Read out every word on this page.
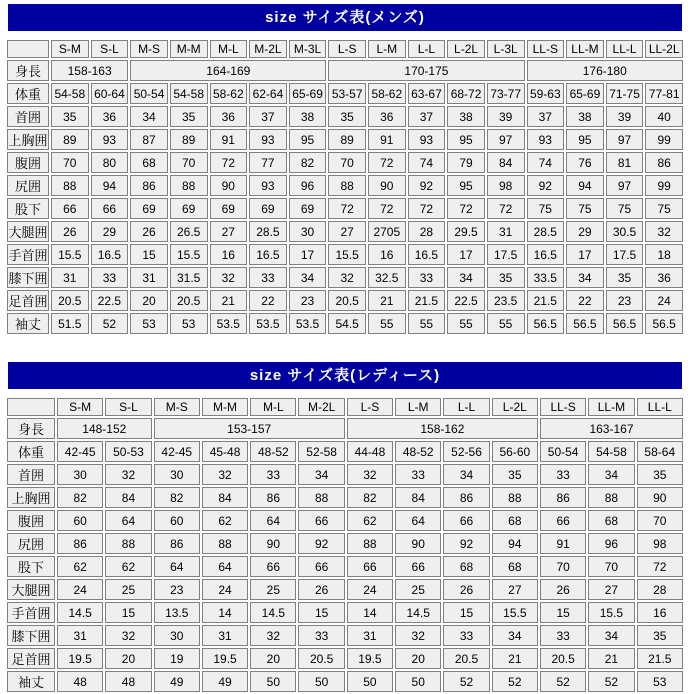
size サイズ表(メンズ)
	S-M	S-L	M-S	M-M	M-L	M-2L	M-3L	L-S	L-M	L-L	L-2L	L-3L	LL-S	LL-M	LL-L	LL-2L
身長	158-163		164-169					170-175					176-180			
体重	54-58	60-64	50-54	54-58	58-62	62-64	65-69	53-57	58-62	63-67	68-72	73-77	59-63	65-69	71-75	77-81
首囲	35	36	34	35	36	37	38	35	36	37	38	39	37	38	39	40
上胸囲	89	93	87	89	91	93	95	89	91	93	95	97	93	95	97	99
腹囲	70	80	68	70	72	77	82	70	72	74	79	84	74	76	81	86
尻囲	88	94	86	88	90	93	96	88	90	92	95	98	92	94	97	99
股下	66	66	69	69	69	69	69	72	72	72	72	72	75	75	75	75
大腿囲	26	29	26	26.5	27	28.5	30	27	2705	28	29.5	31	28.5	29	30.5	32
手首囲	15.5	16.5	15	15.5	16	16.5	17	15.5	16	16.5	17	17.5	16.5	17	17.5	18
膝下囲	31	33	31	31.5	32	33	34	32	32.5	33	34	35	33.5	34	35	36
足首囲	20.5	22.5	20	20.5	21	22	23	20.5	21	21.5	22.5	23.5	21.5	22	23	24
袖丈	51.5	52	53	53	53.5	53.5	53.5	54.5	55	55	55	55	56.5	56.5	56.5	56.5
size サイズ表(レディース)
	S-M	S-L	M-S	M-M	M-L	M-2L	L-S	L-M	L-L	L-2L	LL-S	LL-M	LL-L
身長	148-152		153-157				158-162				163-167		
体重	42-45	50-53	42-45	45-48	48-52	52-58	44-48	48-52	52-56	56-60	50-54	54-58	58-64
首囲	30	32	30	32	33	34	32	33	34	35	33	34	35
上胸囲	82	84	82	84	86	88	82	84	86	88	86	88	90
腹囲	60	64	60	62	64	66	62	64	66	68	66	68	70
尻囲	86	88	86	88	90	92	88	90	92	94	91	96	98
股下	62	62	64	64	66	66	66	66	68	68	70	70	72
大腿囲	24	25	23	24	25	26	24	25	26	27	26	27	28
手首囲	14.5	15	13.5	14	14.5	15	14	14.5	15	15.5	15	15.5	16
膝下囲	31	32	30	31	32	33	31	32	33	34	33	34	35
足首囲	19.5	20	19	19.5	20	20.5	19.5	20	20.5	21	20.5	21	21.5
袖丈	48	48	49	49	50	50	50	50	52	52	52	52	53
